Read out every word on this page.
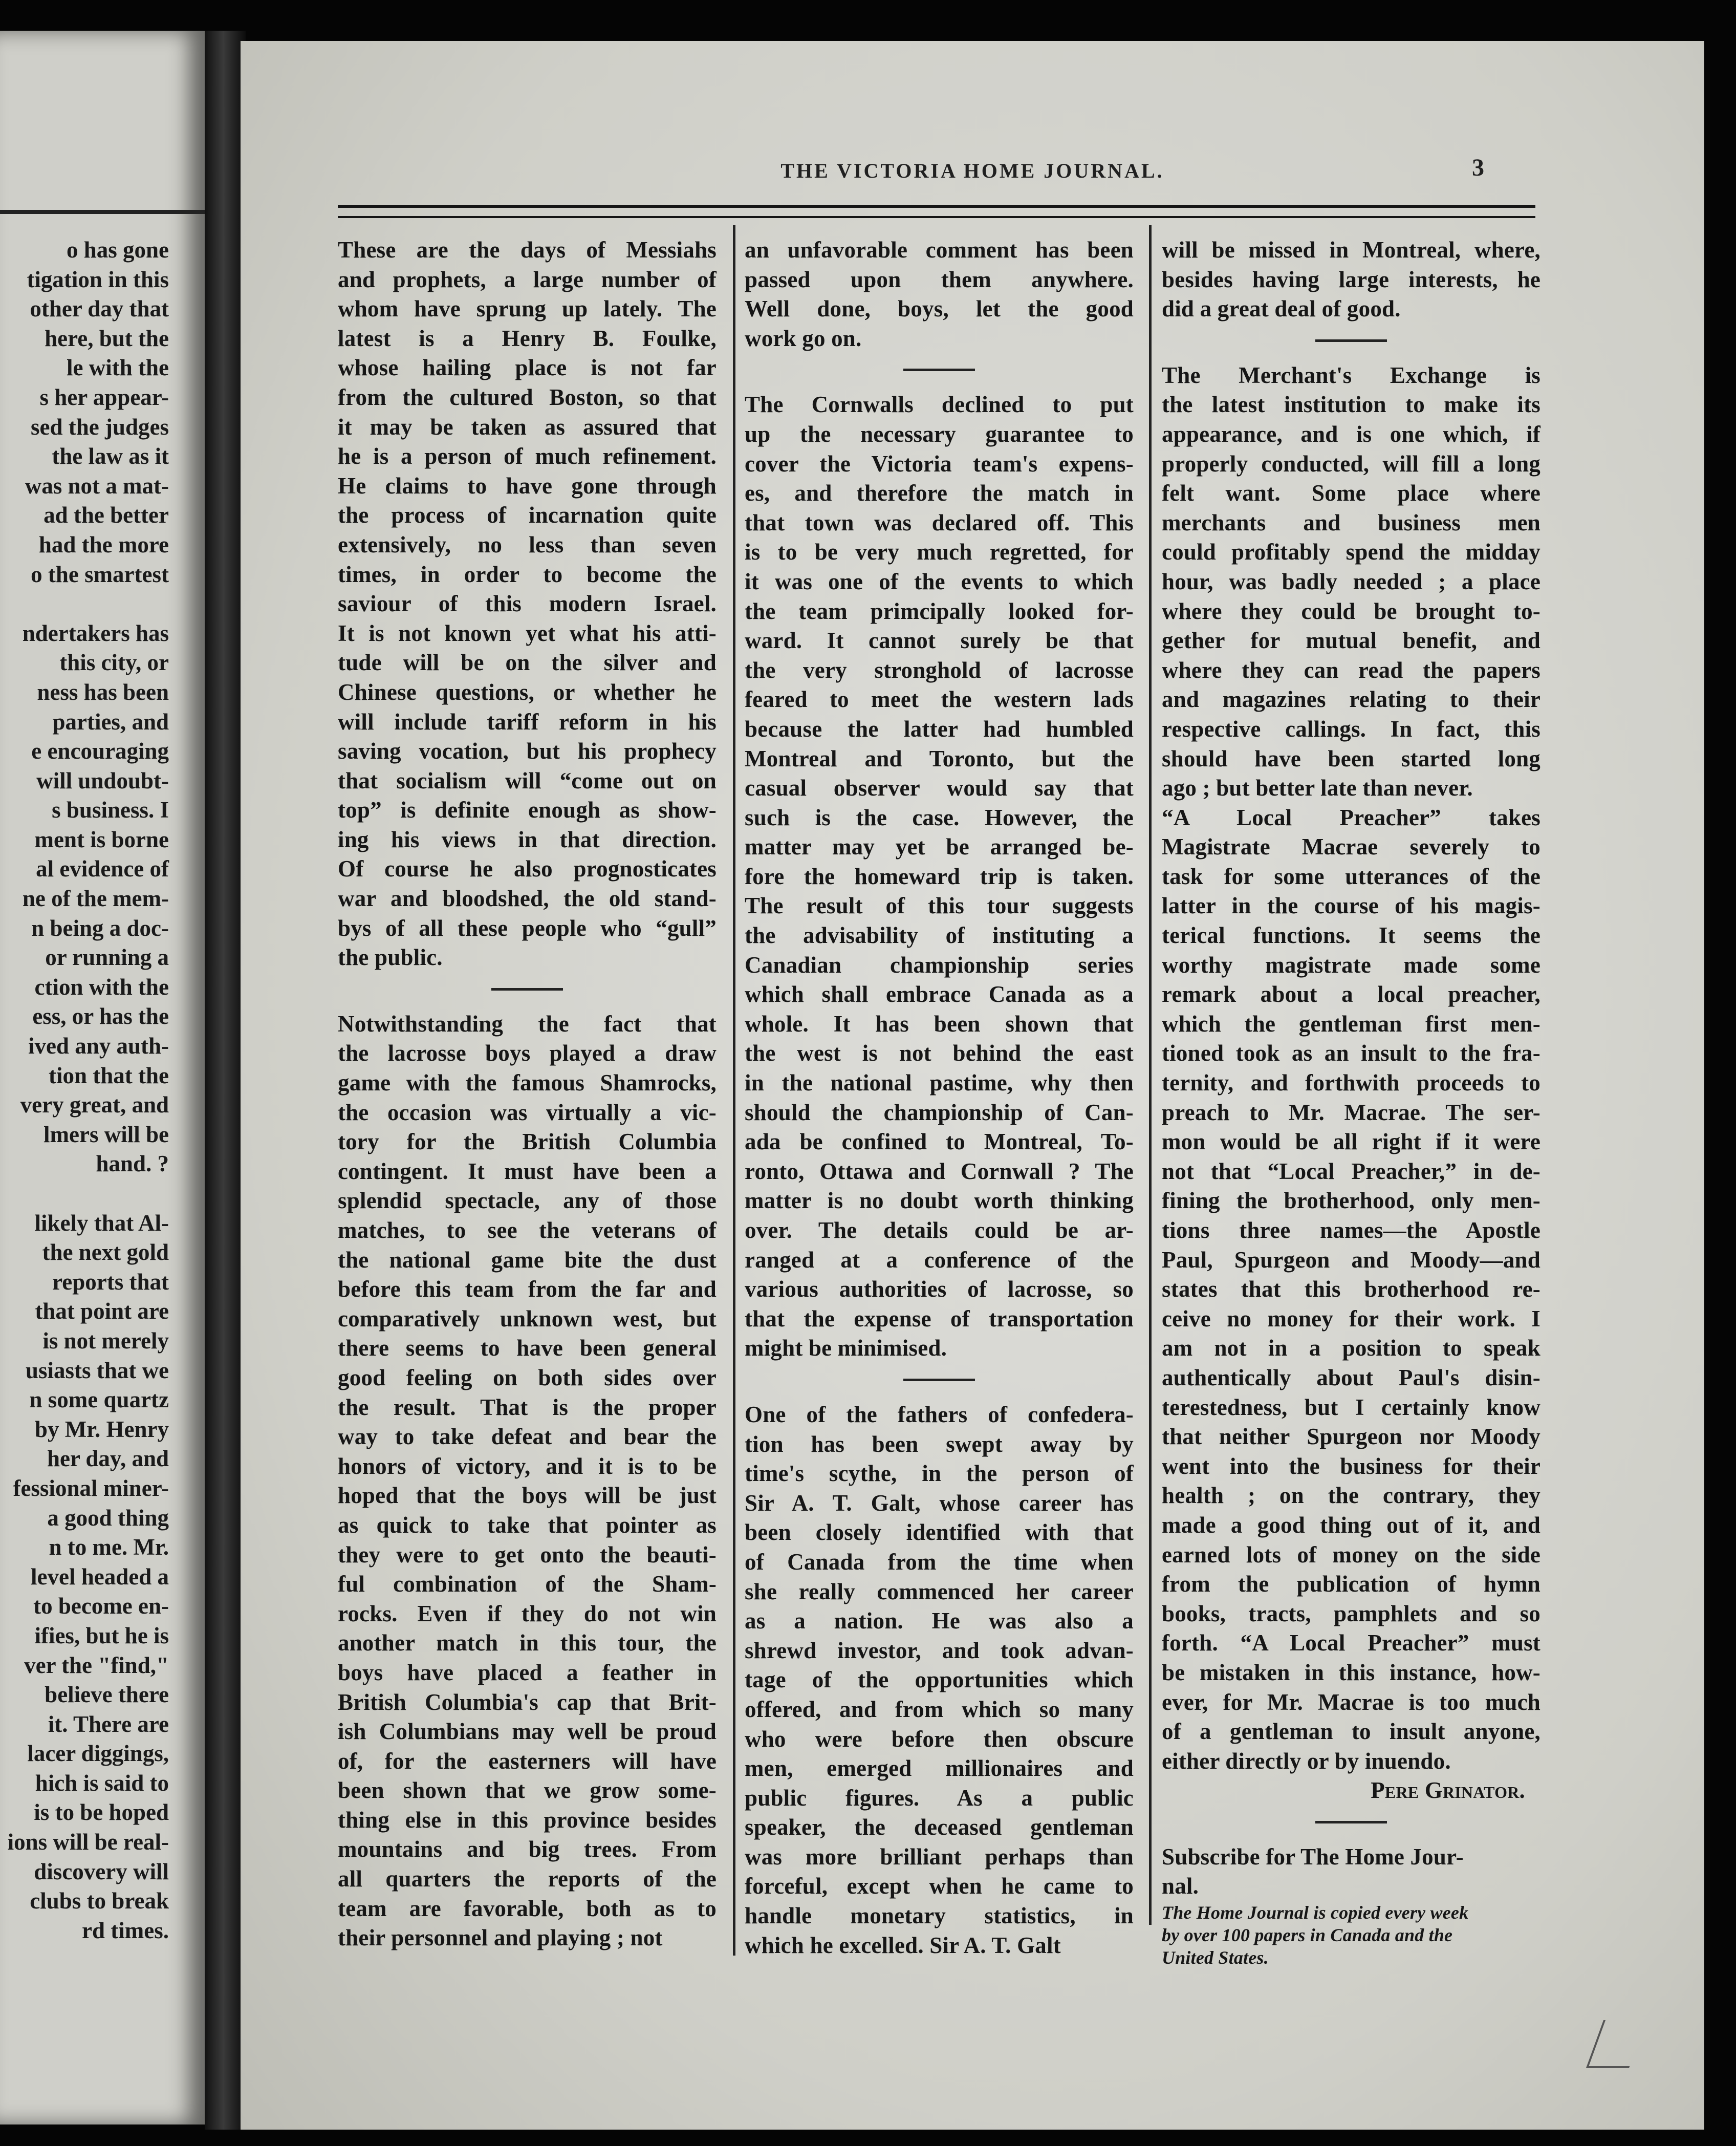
o has gone
tigation in this
other day that
here, but the
le with the
s her appear-
sed the judges
the law as it
was not a mat-
ad the better
had the more
o the smartest
ndertakers has
this city, or
ness has been
parties, and
e encouraging
will undoubt-
s business. I
ment is borne
al evidence of
ne of the mem-
n being a doc-
or running a
ction with the
ess, or has the
ived any auth-
tion that the
very great, and
lmers will be
hand. ?
likely that Al-
the next gold
reports that
that point are
is not merely
usiasts that we
n some quartz
by Mr. Henry
her day, and
fessional miner-
a good thing
n to me. Mr.
level headed a
to become en-
ifies, but he is
ver the "find,"
believe there
it. There are
lacer diggings,
hich is said to
is to be hoped
ions will be real-
discovery will
clubs to break
rd times.
THE VICTORIA HOME JOURNAL.	3

These are the days of Messiahs
and prophets, a large number of
whom have sprung up lately. The
latest is a Henry B. Foulke,
whose hailing place is not far
from the cultured Boston, so that
it may be taken as assured that
he is a person of much refinement.
He claims to have gone through
the process of incarnation quite
extensively, no less than seven
times, in order to become the
saviour of this modern Israel.
It is not known yet what his atti-
tude will be on the silver and
Chinese questions, or whether he
will include tariff reform in his
saving vocation, but his prophecy
that socialism will “come out on
top” is definite enough as show-
ing his views in that direction.
Of course he also prognosticates
war and bloodshed, the old stand-
bys of all these people who “gull”
the public.

Notwithstanding the fact that
the lacrosse boys played a draw
game with the famous Shamrocks,
the occasion was virtually a vic-
tory for the British Columbia
contingent. It must have been a
splendid spectacle, any of those
matches, to see the veterans of
the national game bite the dust
before this team from the far and
comparatively unknown west, but
there seems to have been general
good feeling on both sides over
the result. That is the proper
way to take defeat and bear the
honors of victory, and it is to be
hoped that the boys will be just
as quick to take that pointer as
they were to get onto the beauti-
ful combination of the Sham-
rocks. Even if they do not win
another match in this tour, the
boys have placed a feather in
British Columbia's cap that Brit-
ish Columbians may well be proud
of, for the easterners will have
been shown that we grow some-
thing else in this province besides
mountains and big trees. From
all quarters the reports of the
team are favorable, both as to
their personnel and playing ; not

an unfavorable comment has been
passed upon them anywhere.
Well done, boys, let the good
work go on.

The Cornwalls declined to put
up the necessary guarantee to
cover the Victoria team's expens-
es, and therefore the match in
that town was declared off. This
is to be very much regretted, for
it was one of the events to which
the team primcipally looked for-
ward. It cannot surely be that
the very stronghold of lacrosse
feared to meet the western lads
because the latter had humbled
Montreal and Toronto, but the
casual observer would say that
such is the case. However, the
matter may yet be arranged be-
fore the homeward trip is taken.
The result of this tour suggests
the advisability of instituting a
Canadian championship series
which shall embrace Canada as a
whole. It has been shown that
the west is not behind the east
in the national pastime, why then
should the championship of Can-
ada be confined to Montreal, To-
ronto, Ottawa and Cornwall ? The
matter is no doubt worth thinking
over. The details could be ar-
ranged at a conference of the
various authorities of lacrosse, so
that the expense of transportation
might be minimised.

One of the fathers of confedera-
tion has been swept away by
time's scythe, in the person of
Sir A. T. Galt, whose career has
been closely identified with that
of Canada from the time when
she really commenced her career
as a nation. He was also a
shrewd investor, and took advan-
tage of the opportunities which
offered, and from which so many
who were before then obscure
men, emerged millionaires and
public figures. As a public
speaker, the deceased gentleman
was more brilliant perhaps than
forceful, except when he came to
handle monetary statistics, in
which he excelled. Sir A. T. Galt

will be missed in Montreal, where,
besides having large interests, he
did a great deal of good.

The Merchant's Exchange is
the latest institution to make its
appearance, and is one which, if
properly conducted, will fill a long
felt want. Some place where
merchants and business men
could profitably spend the midday
hour, was badly needed ; a place
where they could be brought to-
gether for mutual benefit, and
where they can read the papers
and magazines relating to their
respective callings. In fact, this
should have been started long
ago ; but better late than never.

“A Local Preacher” takes
Magistrate Macrae severely to
task for some utterances of the
latter in the course of his magis-
terical functions. It seems the
worthy magistrate made some
remark about a local preacher,
which the gentleman first men-
tioned took as an insult to the fra-
ternity, and forthwith proceeds to
preach to Mr. Macrae. The ser-
mon would be all right if it were
not that “Local Preacher,” in de-
fining the brotherhood, only men-
tions three names—the Apostle
Paul, Spurgeon and Moody—and
states that this brotherhood re-
ceive no money for their work. I
am not in a position to speak
authentically about Paul's disin-
terestedness, but I certainly know
that neither Spurgeon nor Moody
went into the business for their
health ; on the contrary, they
made a good thing out of it, and
earned lots of money on the side
from the publication of hymn
books, tracts, pamphlets and so
forth. “A Local Preacher” must
be mistaken in this instance, how-
ever, for Mr. Macrae is too much
of a gentleman to insult anyone,
either directly or by inuendo.

Pere Grinator.
Subscribe for The Home Jour-
nal.
The Home Journal is copied every week
by over 100 papers in Canada and the
United States.
